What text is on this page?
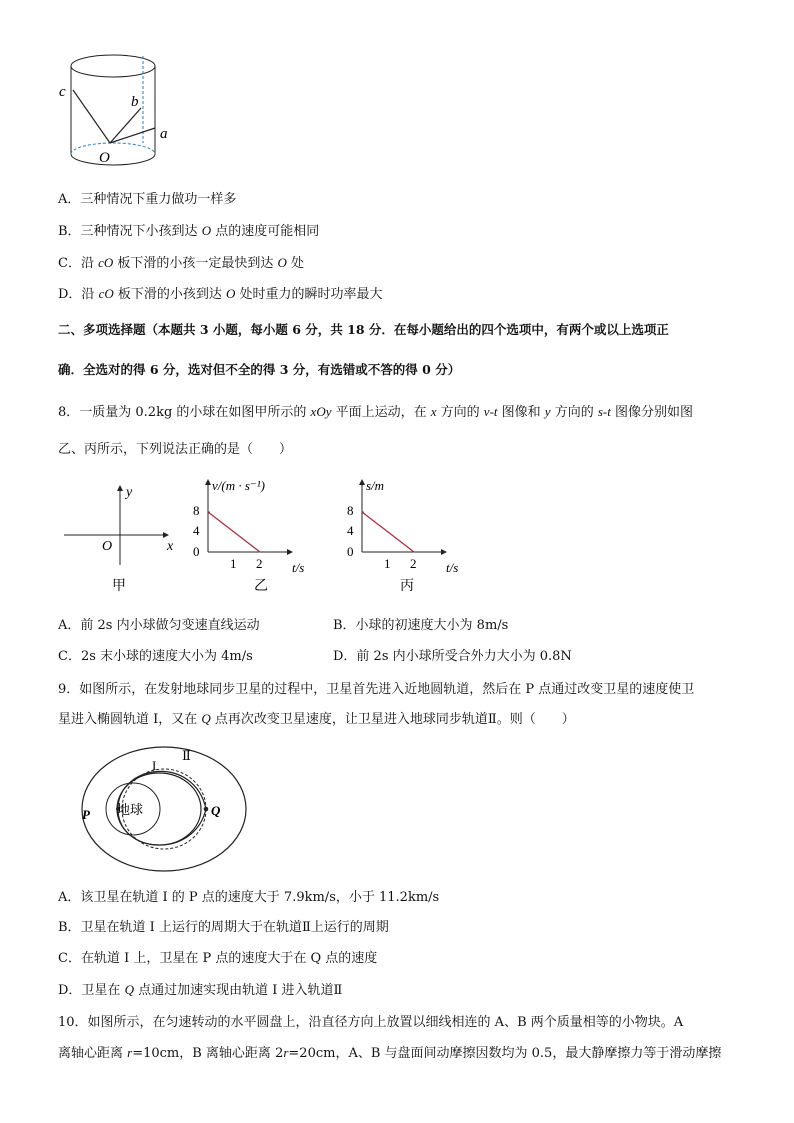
c
b
a
O
A．三种情况下重力做功一样多
B．三种情况下小孩到达 O 点的速度可能相同
C．沿 cO 板下滑的小孩一定最快到达 O 处
D．沿 cO 板下滑的小孩到达 O 处时重力的瞬时功率最大
二、多项选择题（本题共 3 小题，每小题 6 分，共 18 分．在每小题给出的四个选项中，有两个或以上选项正
确．全选对的得 6 分，选对但不全的得 3 分，有选错或不答的得 0 分）
8．一质量为 0.2kg 的小球在如图甲所示的 xOy 平面上运动，在 x 方向的 v-t 图像和 y 方向的 s-t 图像分别如图
乙、丙所示，下列说法正确的是（　　）
y
x
O
甲
v/(m · s⁻¹)
8
4
0
1 2 t/s
乙
s/m
8
4
0
1 2 t/s
丙
A．前 2s 内小球做匀变速直线运动	B．小球的初速度大小为 8m/s
C．2s 末小球的速度大小为 4m/s	D．前 2s 内小球所受合外力大小为 0.8N
9．如图所示，在发射地球同步卫星的过程中，卫星首先进入近地圆轨道，然后在 P 点通过改变卫星的速度使卫
星进入椭圆轨道 I，又在 Q 点再次改变卫星速度，让卫星进入地球同步轨道Ⅱ。则（　　）
地球
P	Q
I
Ⅱ
A．该卫星在轨道 I 的 P 点的速度大于 7.9km/s，小于 11.2km/s
B．卫星在轨道 I 上运行的周期大于在轨道Ⅱ上运行的周期
C．在轨道 I 上，卫星在 P 点的速度大于在 Q 点的速度
D．卫星在 Q 点通过加速实现由轨道 I 进入轨道Ⅱ
10．如图所示，在匀速转动的水平圆盘上，沿直径方向上放置以细线相连的 A、B 两个质量相等的小物块。A
离轴心距离 r=10cm，B 离轴心距离 2r=20cm，A、B 与盘面间动摩擦因数均为 0.5，最大静摩擦力等于滑动摩擦
